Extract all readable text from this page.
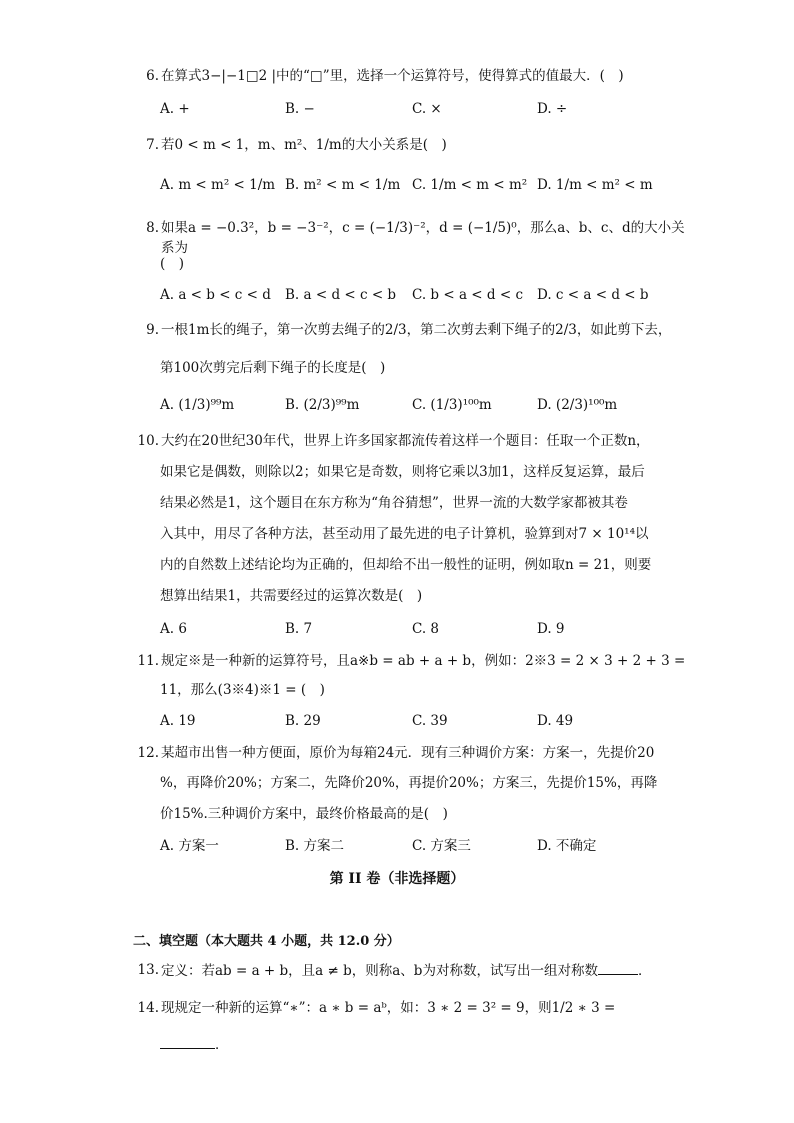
6. 在算式3−|−1□2 |中的“□”里，选择一个运算符号，使得算式的值最大．(　)
A. +	B. −	C. ×	D. ÷
7. 若0 < m < 1，m、m²、1/m的大小关系是(　)
A. m < m² < 1/m B. m² < m < 1/m C. 1/m < m < m² D. 1/m < m² < m
8. 如果a = −0.3²，b = −3⁻²，c = (−1/3)⁻²，d = (−1/5)⁰，那么a、b、c、d的大小关系为
(　)
A. a < b < c < d B. a < d < c < b C. b < a < d < c D. c < a < d < b
9. 一根1m长的绳子，第一次剪去绳子的2/3，第二次剪去剩下绳子的2/3，如此剪下去，
第100次剪完后剩下绳子的长度是(　)
A. (1/3)⁹⁹m	B. (2/3)⁹⁹m	C. (1/3)¹⁰⁰m	D. (2/3)¹⁰⁰m
10. 大约在20世纪30年代，世界上许多国家都流传着这样一个题目：任取一个正数n，
如果它是偶数，则除以2；如果它是奇数，则将它乘以3加1，这样反复运算，最后
结果必然是1，这个题目在东方称为“角谷猜想”，世界一流的大数学家都被其卷
入其中，用尽了各种方法，甚至动用了最先进的电子计算机，验算到对7 × 10¹⁴以
内的自然数上述结论均为正确的，但却给不出一般性的证明，例如取n = 21，则要
想算出结果1，共需要经过的运算次数是(　)
A. 6	B. 7	C. 8	D. 9
11. 规定※是一种新的运算符号，且a※b = ab + a + b，例如：2※3 = 2 × 3 + 2 + 3 =
11，那么(3※4)※1 = (　)
A. 19	B. 29	C. 39	D. 49
12. 某超市出售一种方便面，原价为每箱24元．现有三种调价方案：方案一，先提价20
%，再降价20%；方案二，先降价20%，再提价20%；方案三，先提价15%，再降
价15%.三种调价方案中，最终价格最高的是(　)
A. 方案一	B. 方案二	C. 方案三	D. 不确定
第 II 卷（非选择题）
二、填空题（本大题共 4 小题，共 12.0 分）
13. 定义：若ab = a + b，且a ≠ b，则称a、b为对称数，试写出一组对称数	．
14. 现规定一种新的运算“∗”：a ∗ b = aᵇ，如：3 ∗ 2 = 3² = 9，则1/2 ∗ 3 =
．
